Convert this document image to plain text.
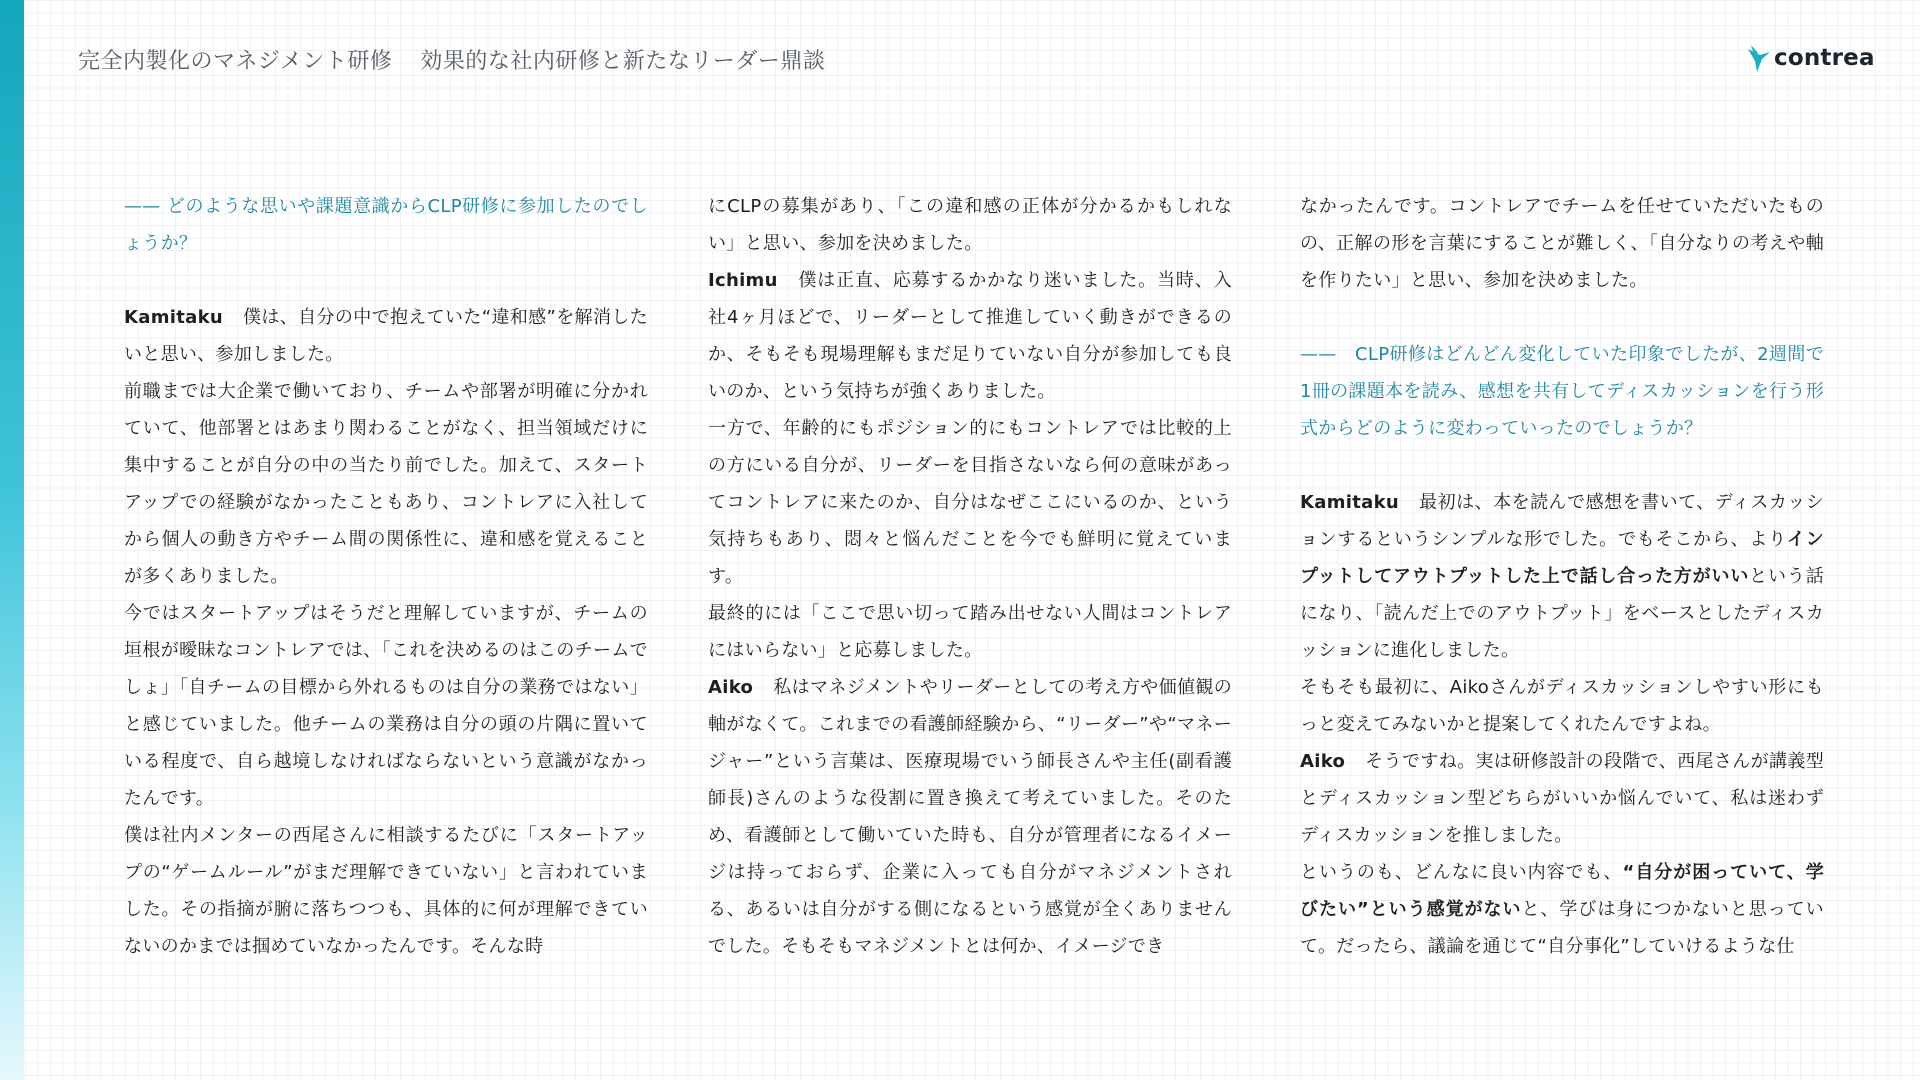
完全内製化のマネジメント研修 効果的な社内研修と新たなリーダー鼎談	contrea

—— どのような思いや課題意識からCLP研修に参加したのでしょうか？

Kamitaku 僕は、自分の中で抱えていた“違和感”を解消したいと思い、参加しました。

前職までは大企業で働いており、チームや部署が明確に分かれていて、他部署とはあまり関わることがなく、担当領域だけに集中することが自分の中の当たり前でした。加えて、スタートアップでの経験がなかったこともあり、コントレアに入社してから個人の動き方やチーム間の関係性に、違和感を覚えることが多くありました。

今ではスタートアップはそうだと理解していますが、チームの垣根が曖昧なコントレアでは、「これを決めるのはこのチームでしょ」「自チームの目標から外れるものは自分の業務ではない」と感じていました。他チームの業務は自分の頭の片隅に置いている程度で、自ら越境しなければならないという意識がなかったんです。

僕は社内メンターの西尾さんに相談するたびに「スタートアップの“ゲームルール”がまだ理解できていない」と言われていました。その指摘が腑に落ちつつも、具体的に何が理解できていないのかまでは掴めていなかったんです。そんな時

にCLPの募集があり、「この違和感の正体が分かるかもしれない」と思い、参加を決めました。

Ichimu 僕は正直、応募するかかなり迷いました。当時、入社4ヶ月ほどで、リーダーとして推進していく動きができるのか、そもそも現場理解もまだ足りていない自分が参加しても良いのか、という気持ちが強くありました。

一方で、年齢的にもポジション的にもコントレアでは比較的上の方にいる自分が、リーダーを目指さないなら何の意味があってコントレアに来たのか、自分はなぜここにいるのか、という気持ちもあり、悶々と悩んだことを今でも鮮明に覚えています。

最終的には「ここで思い切って踏み出せない人間はコントレアにはいらない」と応募しました。

Aiko 私はマネジメントやリーダーとしての考え方や価値観の軸がなくて。これまでの看護師経験から、“リーダー”や“マネージャー”という言葉は、医療現場でいう師長さんや主任(副看護師長)さんのような役割に置き換えて考えていました。そのため、看護師として働いていた時も、自分が管理者になるイメージは持っておらず、企業に入っても自分がマネジメントされる、あるいは自分がする側になるという感覚が全くありませんでした。そもそもマネジメントとは何か、イメージでき

なかったんです。コントレアでチームを任せていただいたものの、正解の形を言葉にすることが難しく、「自分なりの考えや軸を作りたい」と思い、参加を決めました。

——　CLP研修はどんどん変化していた印象でしたが、2週間で1冊の課題本を読み、感想を共有してディスカッションを行う形式からどのように変わっていったのでしょうか？

Kamitaku 最初は、本を読んで感想を書いて、ディスカッションするというシンプルな形でした。でもそこから、よりインプットしてアウトプットした上で話し合った方がいいという話になり、「読んだ上でのアウトプット」をベースとしたディスカッションに進化しました。

そもそも最初に、Aikoさんがディスカッションしやすい形にもっと変えてみないかと提案してくれたんですよね。

Aiko そうですね。実は研修設計の段階で、西尾さんが講義型とディスカッション型どちらがいいか悩んでいて、私は迷わずディスカッションを推しました。

というのも、どんなに良い内容でも、“自分が困っていて、学びたい”という感覚がないと、学びは身につかないと思っていて。だったら、議論を通じて“自分事化”していけるような仕
